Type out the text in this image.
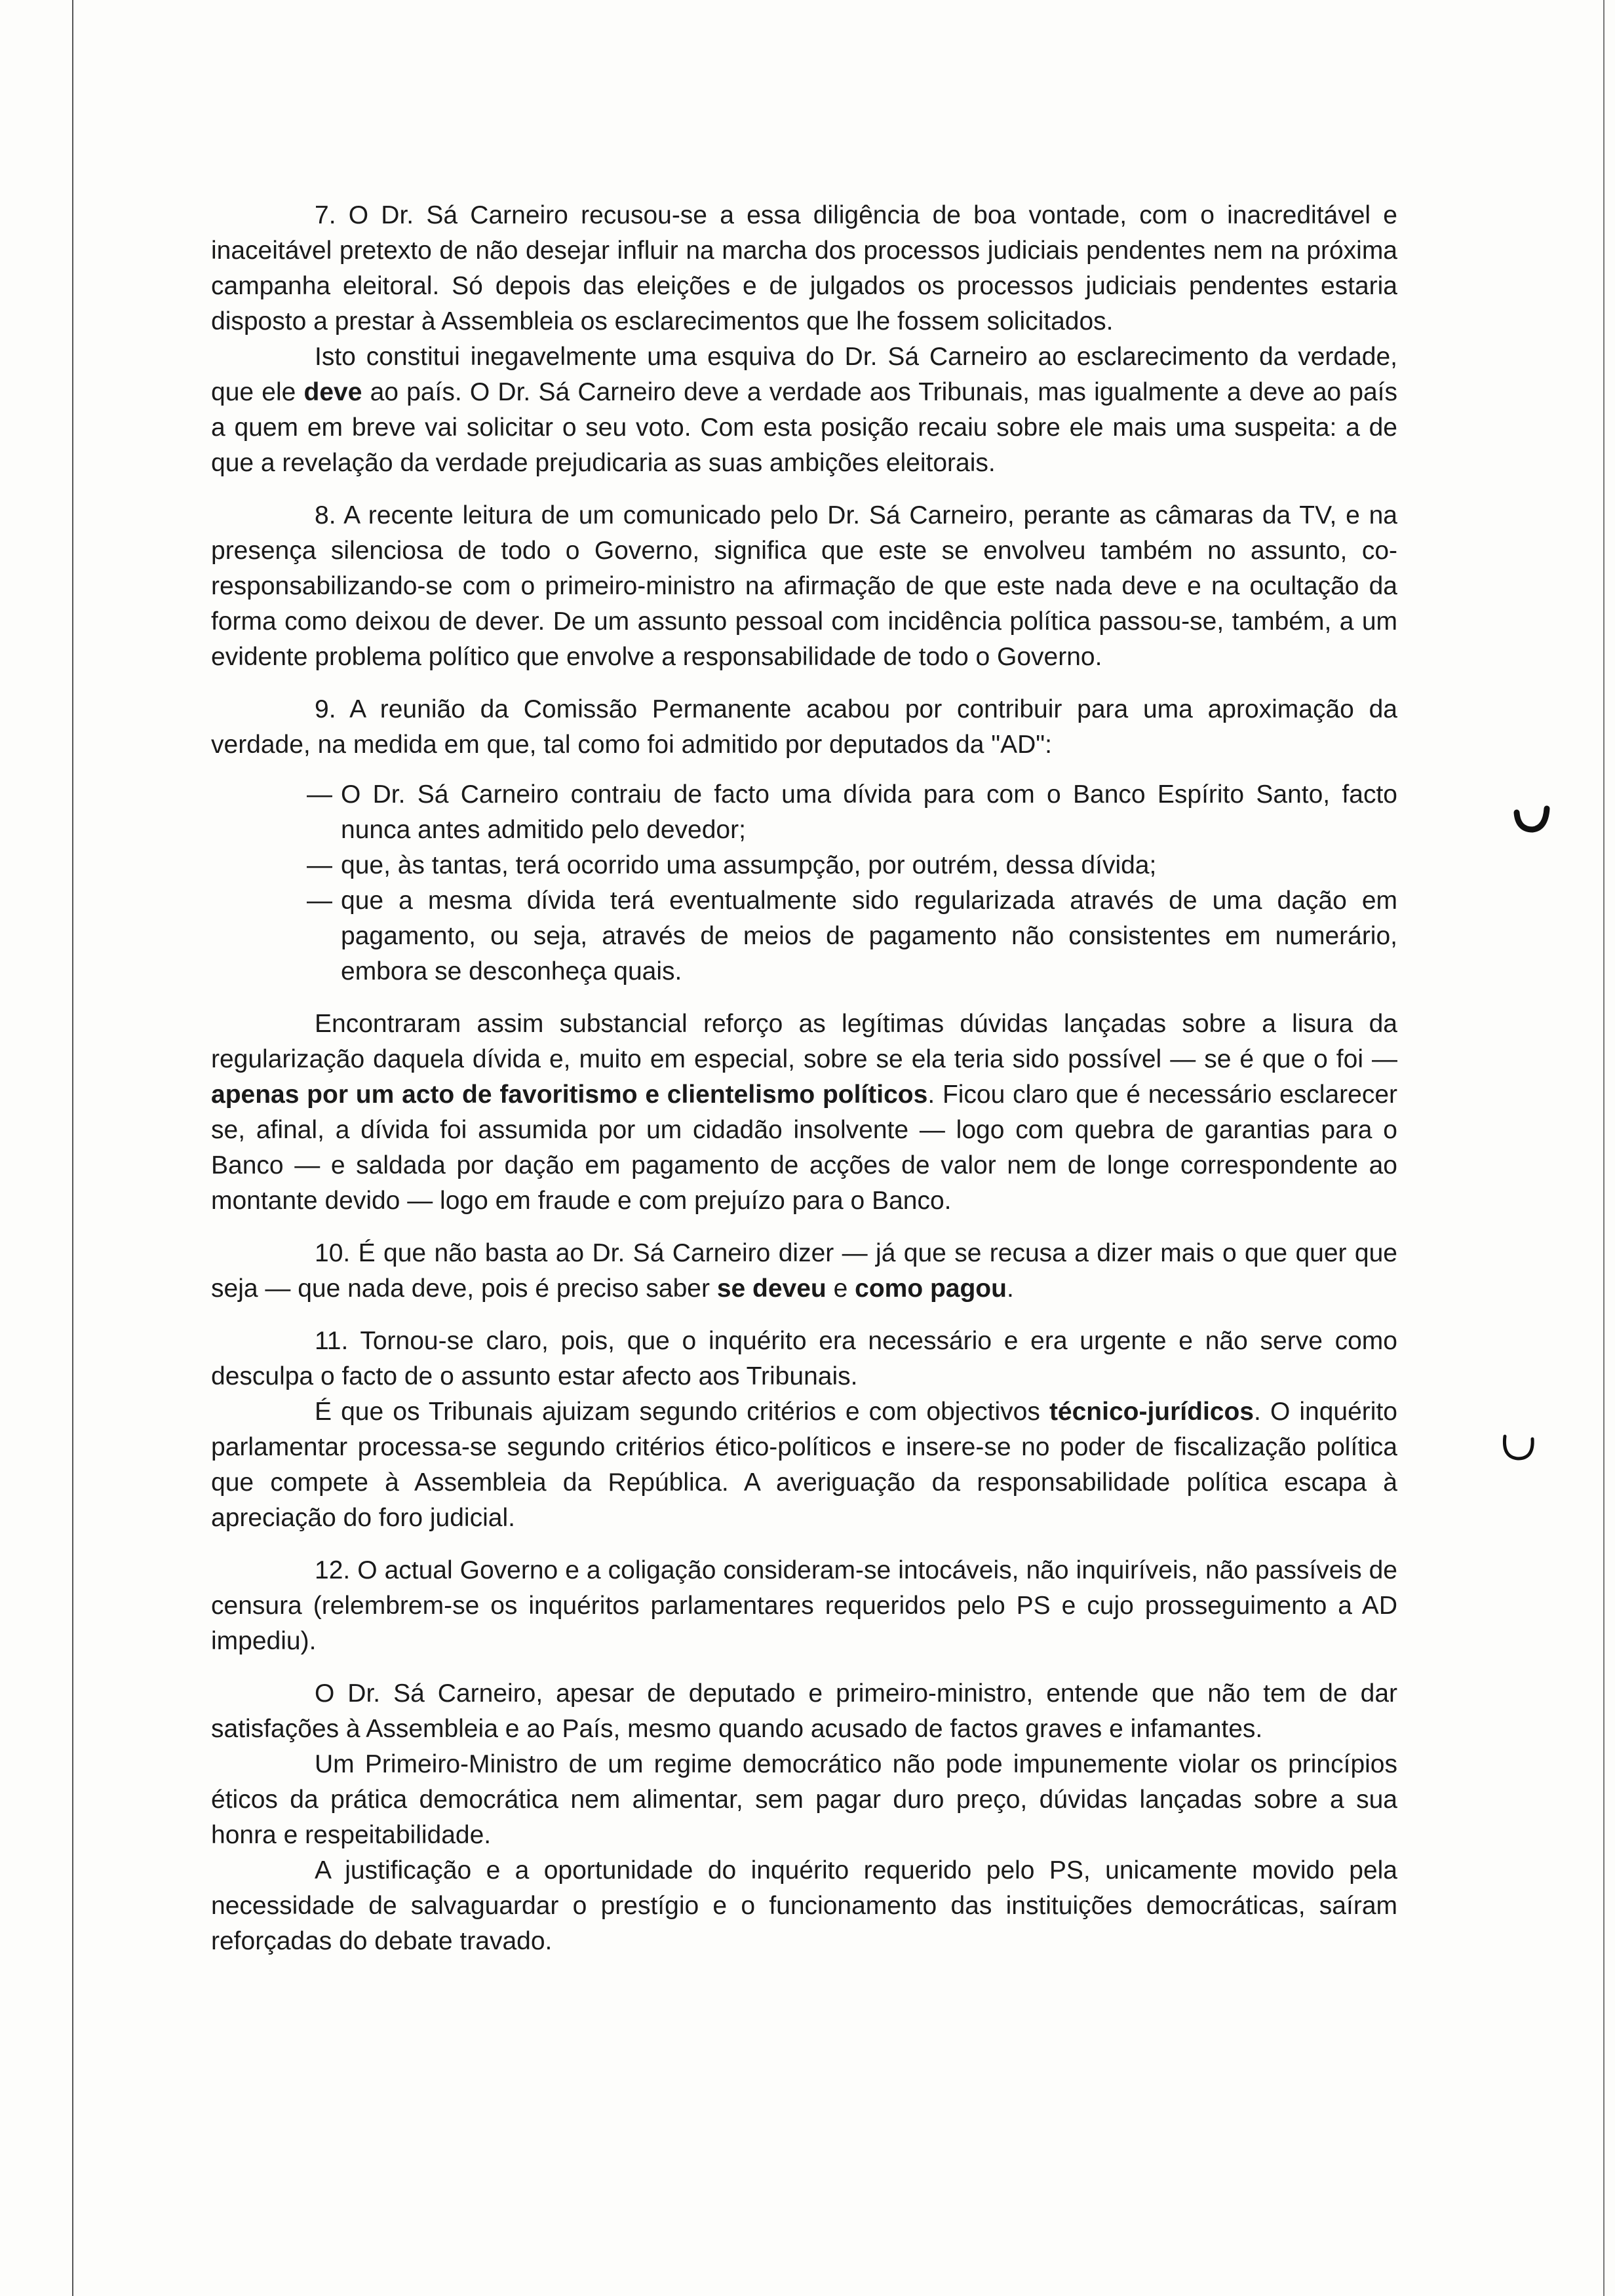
7. O Dr. Sá Carneiro recusou-se a essa diligência de boa vontade, com o inacreditável e inaceitável pretexto de não desejar influir na marcha dos processos judiciais pendentes nem na próxima campanha eleitoral. Só depois das eleições e de julgados os processos judiciais pendentes estaria disposto a prestar à Assembleia os esclarecimentos que lhe fossem solicitados.

Isto constitui inegavelmente uma esquiva do Dr. Sá Carneiro ao esclarecimento da verdade, que ele deve ao país. O Dr. Sá Carneiro deve a verdade aos Tribunais, mas igualmente a deve ao país a quem em breve vai solicitar o seu voto. Com esta posição recaiu sobre ele mais uma suspeita: a de que a revelação da verdade prejudicaria as suas ambições eleitorais.

8. A recente leitura de um comunicado pelo Dr. Sá Carneiro, perante as câmaras da TV, e na presença silenciosa de todo o Governo, significa que este se envolveu também no assunto, co-responsabilizando-se com o primeiro-ministro na afirmação de que este nada deve e na ocultação da forma como deixou de dever. De um assunto pessoal com incidência política passou-se, também, a um evidente problema político que envolve a responsabilidade de todo o Governo.

9. A reunião da Comissão Permanente acabou por contribuir para uma aproximação da verdade, na medida em que, tal como foi admitido por deputados da "AD":

— O Dr. Sá Carneiro contraiu de facto uma dívida para com o Banco Espírito Santo, facto nunca antes admitido pelo devedor;
— que, às tantas, terá ocorrido uma assumpção, por outrém, dessa dívida;
— que a mesma dívida terá eventualmente sido regularizada através de uma dação em pagamento, ou seja, através de meios de pagamento não consistentes em numerário, embora se desconheça quais.

Encontraram assim substancial reforço as legítimas dúvidas lançadas sobre a lisura da regularização daquela dívida e, muito em especial, sobre se ela teria sido possível — se é que o foi — apenas por um acto de favoritismo e clientelismo políticos. Ficou claro que é necessário esclarecer se, afinal, a dívida foi assumida por um cidadão insolvente — logo com quebra de garantias para o Banco — e saldada por dação em pagamento de acções de valor nem de longe correspondente ao montante devido — logo em fraude e com prejuízo para o Banco.

10. É que não basta ao Dr. Sá Carneiro dizer — já que se recusa a dizer mais o que quer que seja — que nada deve, pois é preciso saber se deveu e como pagou.

11. Tornou-se claro, pois, que o inquérito era necessário e era urgente e não serve como desculpa o facto de o assunto estar afecto aos Tribunais.

É que os Tribunais ajuizam segundo critérios e com objectivos técnico-jurídicos. O inquérito parlamentar processa-se segundo critérios ético-políticos e insere-se no poder de fiscalização política que compete à Assembleia da República. A averiguação da responsabilidade política escapa à apreciação do foro judicial.

12. O actual Governo e a coligação consideram-se intocáveis, não inquiríveis, não passíveis de censura (relembrem-se os inquéritos parlamentares requeridos pelo PS e cujo prosseguimento a AD impediu).

O Dr. Sá Carneiro, apesar de deputado e primeiro-ministro, entende que não tem de dar satisfações à Assembleia e ao País, mesmo quando acusado de factos graves e infamantes.

Um Primeiro-Ministro de um regime democrático não pode impunemente violar os princípios éticos da prática democrática nem alimentar, sem pagar duro preço, dúvidas lançadas sobre a sua honra e respeitabilidade.

A justificação e a oportunidade do inquérito requerido pelo PS, unicamente movido pela necessidade de salvaguardar o prestígio e o funcionamento das instituições democráticas, saíram reforçadas do debate travado.
